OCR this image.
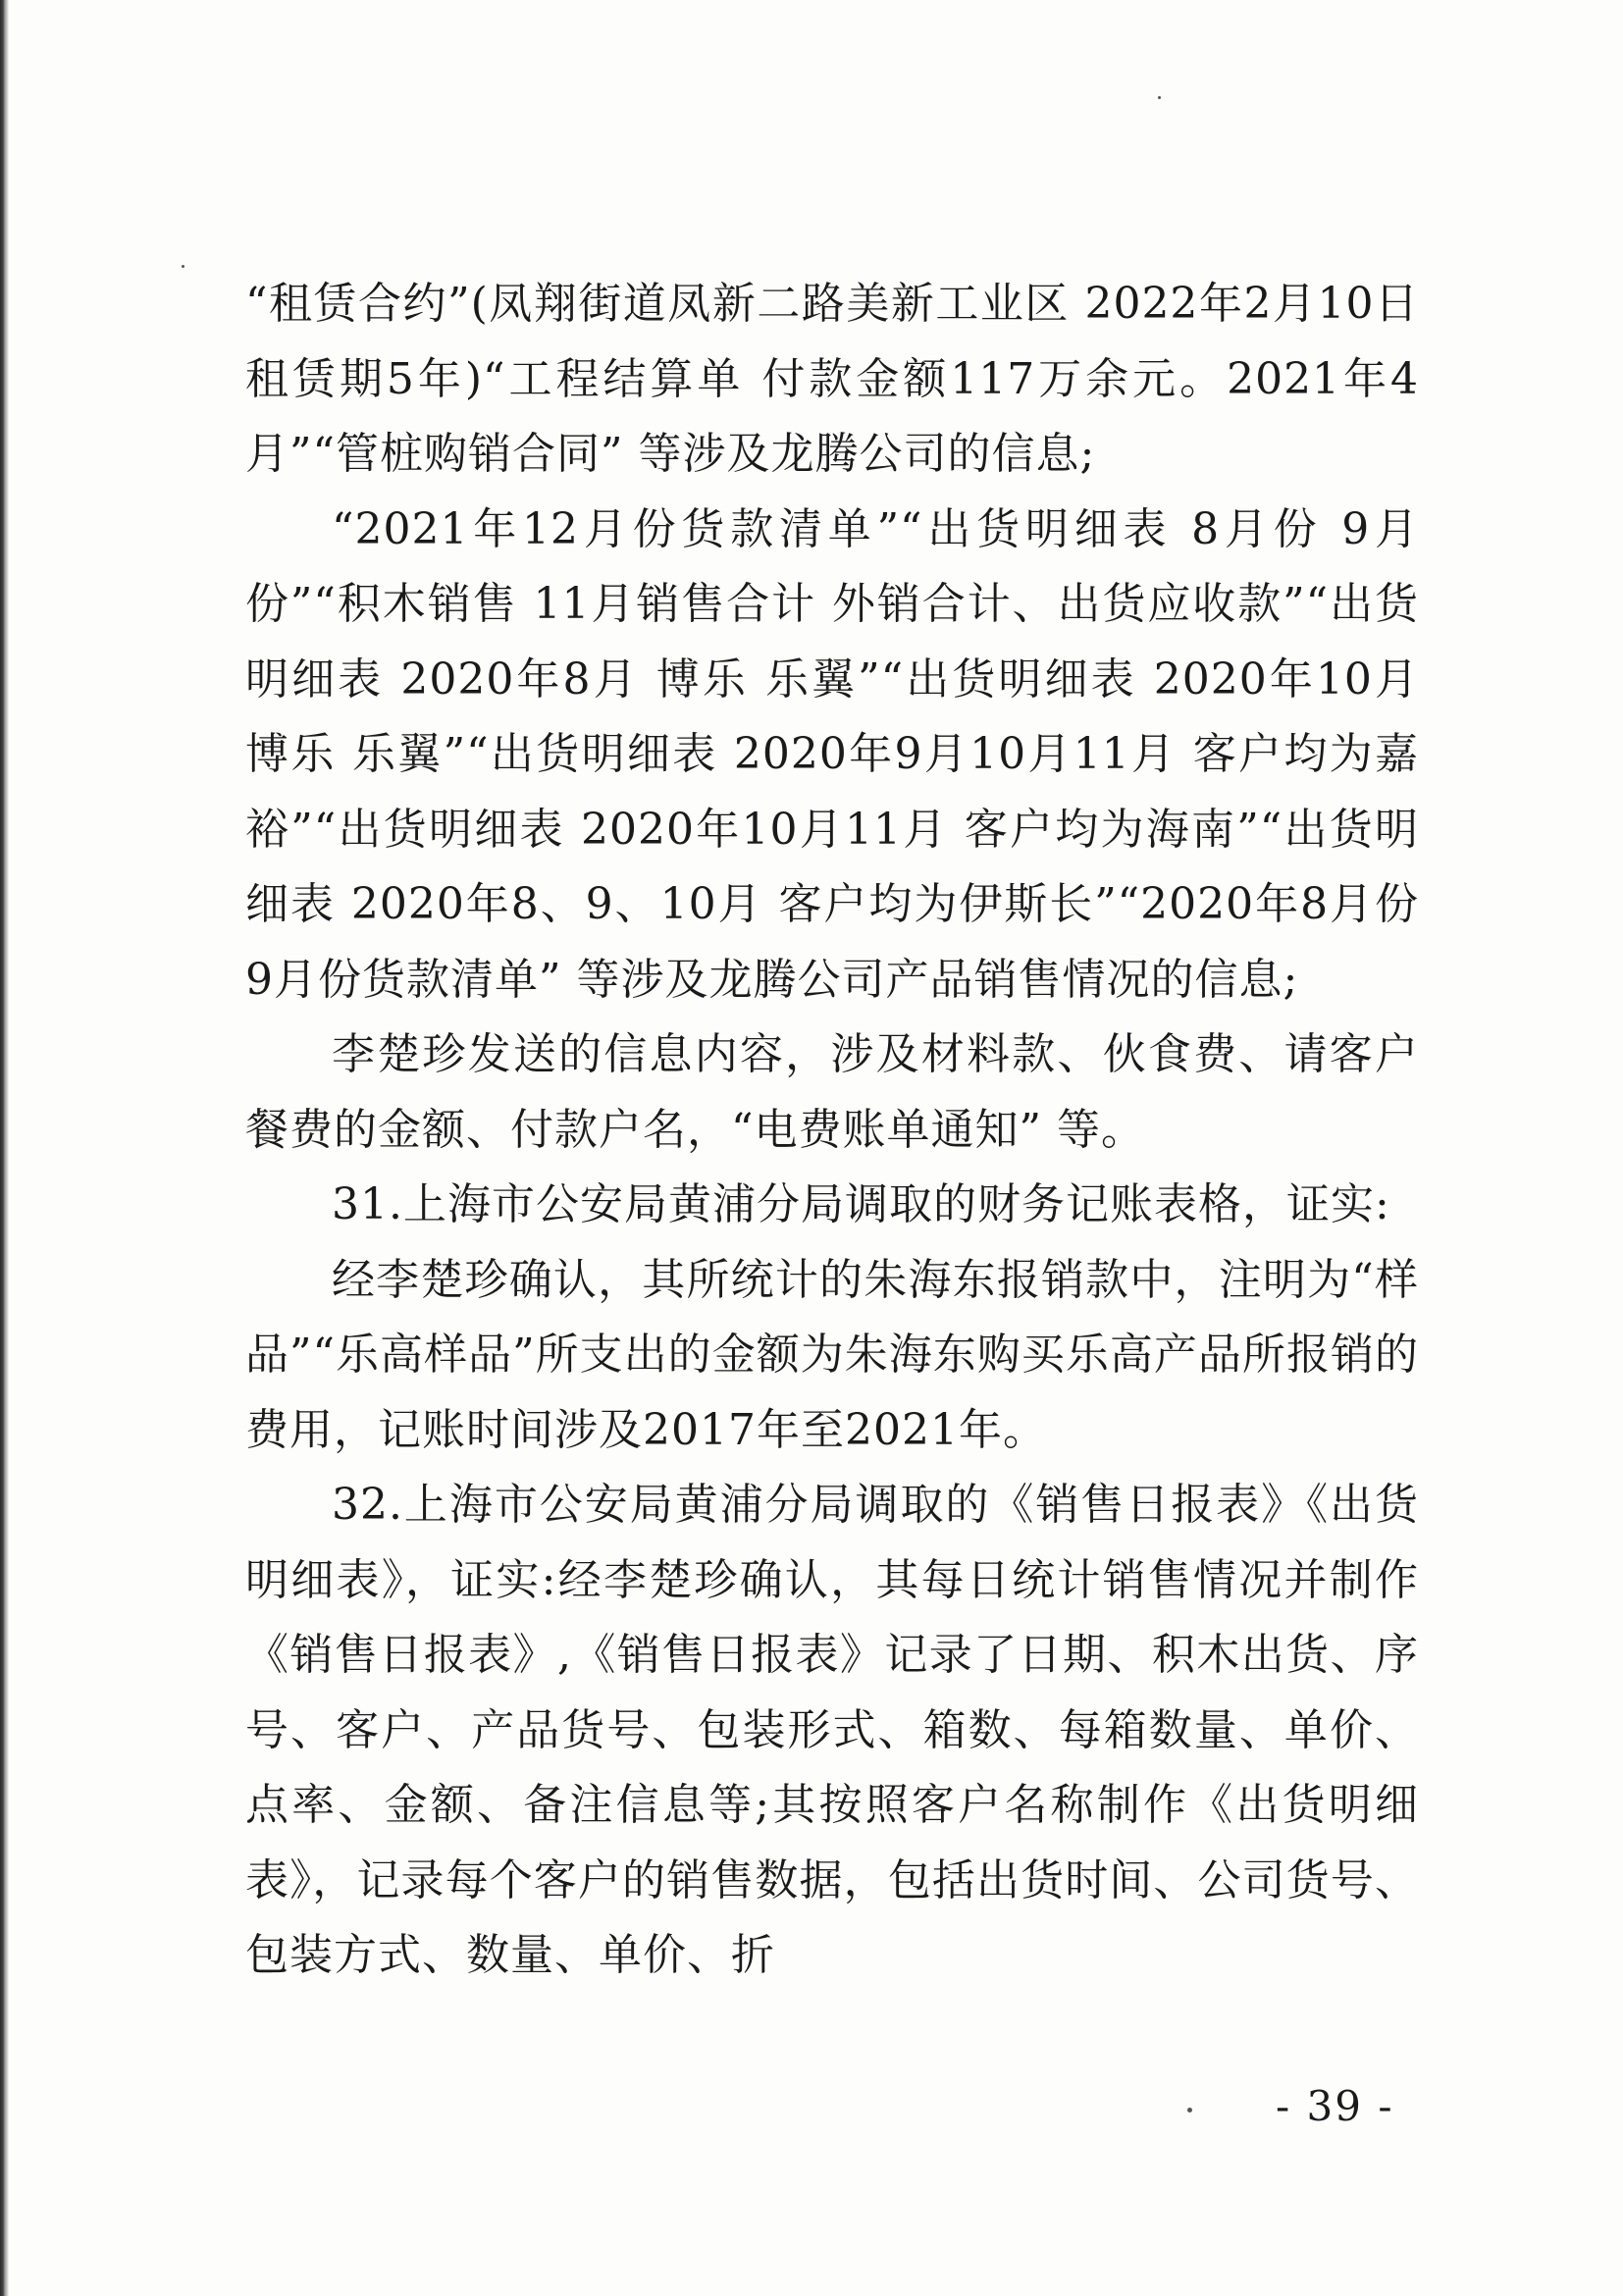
“租赁合约”(凤翔街道凤新二路美新工业区 2022年2月10日 租赁期5年)“工程结算单 付款金额117万余元。2021年4月”“管桩购销合同” 等涉及龙腾公司的信息;

“2021年12月份货款清单”“出货明细表 8月份 9月份”“积木销售 11月销售合计 外销合计、出货应收款”“出货明细表 2020年8月 博乐 乐翼”“出货明细表 2020年10月 博乐 乐翼”“出货明细表 2020年9月10月11月 客户均为嘉裕”“出货明细表 2020年10月11月 客户均为海南”“出货明细表 2020年8、9、10月 客户均为伊斯长”“2020年8月份 9月份货款清单” 等涉及龙腾公司产品销售情况的信息;

李楚珍发送的信息内容，涉及材料款、伙食费、请客户餐费的金额、付款户名，“电费账单通知” 等。

31.上海市公安局黄浦分局调取的财务记账表格，证实:

经李楚珍确认，其所统计的朱海东报销款中，注明为“样品”“乐高样品”所支出的金额为朱海东购买乐高产品所报销的费用，记账时间涉及2017年至2021年。

32.上海市公安局黄浦分局调取的《销售日报表》《出货明细表》，证实:经李楚珍确认，其每日统计销售情况并制作《销售日报表》,《销售日报表》记录了日期、积木出货、序号、客户、产品货号、包装形式、箱数、每箱数量、单价、点率、金额、备注信息等;其按照客户名称制作《出货明细表》，记录每个客户的销售数据，包括出货时间、公司货号、包装方式、数量、单价、折

- 39 -
